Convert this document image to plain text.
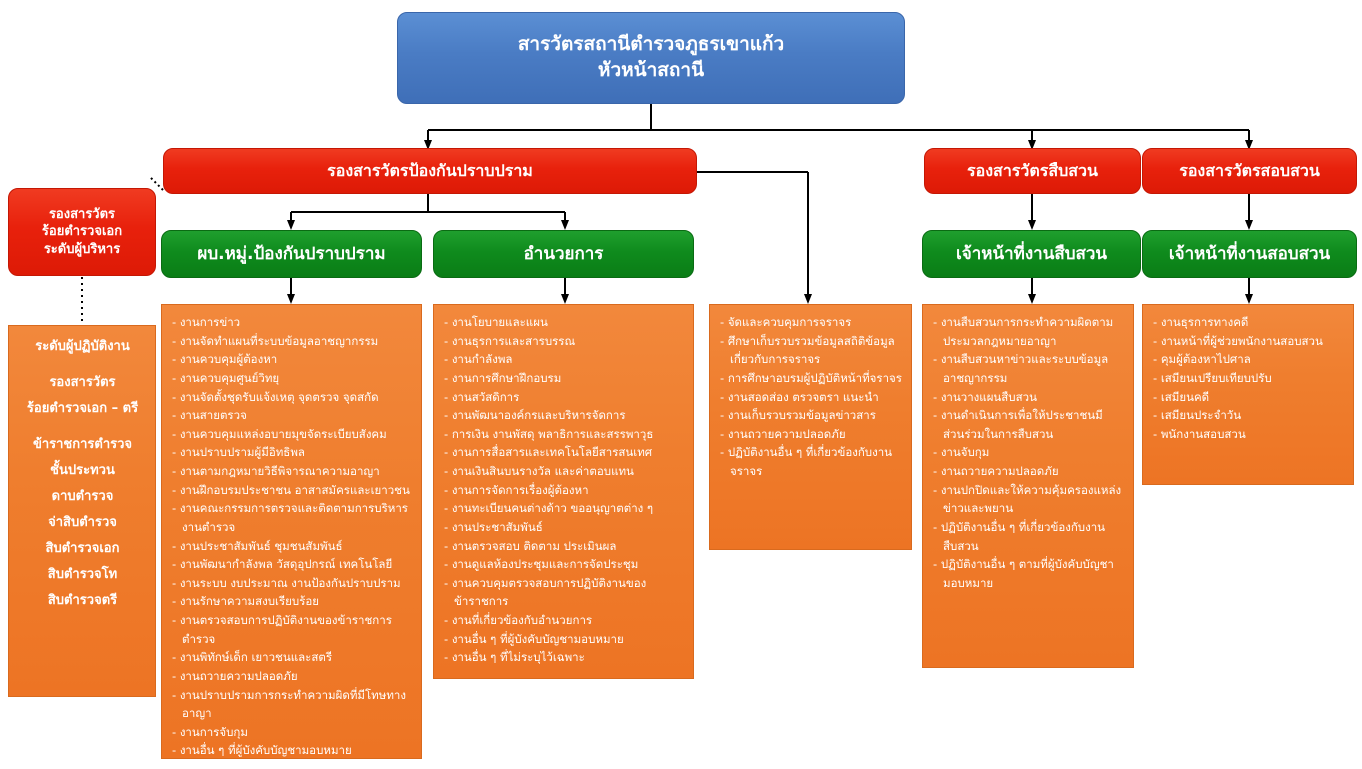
สารวัตรสถานีตำรวจภูธรเขาแก้ว
หัวหน้าสถานี
รองสารวัตรป้องกันปราบปราม	รองสารวัตรสืบสวน	รองสารวัตรสอบสวน
รองสารวัตร
ร้อยตำรวจเอก
ระดับผู้บริหาร	ผบ.หมู่.ป้องกันปราบปราม	อำนวยการ	เจ้าหน้าที่งานสืบสวน	เจ้าหน้าที่งานสอบสวน
ระดับผู้ปฏิบัติงาน
รองสารวัตร
ร้อยตำรวจเอก – ตรี
ข้าราชการตำรวจ
ชั้นประทวน
ดาบตำรวจ
จ่าสิบตำรวจ
สิบตำรวจเอก
สิบตำรวจโท
สิบตำรวจตรี
- งานการข่าว
- งานจัดทำแผนที่ระบบข้อมูลอาชญากรรม
- งานควบคุมผู้ต้องหา
- งานควบคุมศูนย์วิทยุ
- งานจัดตั้งชุดรับแจ้งเหตุ จุดตรวจ จุดสกัด
- งานสายตรวจ
- งานควบคุมแหล่งอบายมุขจัดระเบียบสังคม
- งานปราบปรามผู้มีอิทธิพล
- งานตามกฎหมายวิธีพิจารณาความอาญา
- งานฝึกอบรมประชาชน อาสาสมัครและเยาวชน
- งานคณะกรรมการตรวจและติดตามการบริหารงานตำรวจ
- งานประชาสัมพันธ์ ชุมชนสัมพันธ์
- งานพัฒนากำลังพล วัสดุอุปกรณ์ เทคโนโลยี
- งานระบบ งบประมาณ งานป้องกันปราบปราม
- งานรักษาความสงบเรียบร้อย
- งานตรวจสอบการปฏิบัติงานของข้าราชการตำรวจ
- งานพิทักษ์เด็ก เยาวชนและสตรี
- งานถวายความปลอดภัย
- งานปราบปรามการกระทำความผิดที่มีโทษทางอาญา
- งานการจับกุม
- งานอื่น ๆ ที่ผู้บังคับบัญชามอบหมาย
- งานโยบายและแผน
- งานธุรการและสารบรรณ
- งานกำลังพล
- งานการศึกษาฝึกอบรม
- งานสวัสดิการ
- งานพัฒนาองค์กรและบริหารจัดการ
- การเงิน งานพัสดุ พลาธิการและสรรพาวุธ
- งานการสื่อสารและเทคโนโลยีสารสนเทศ
- งานเงินสินบนรางวัล และค่าตอบแทน
- งานการจัดการเรื่องผู้ต้องหา
- งานทะเบียนคนต่างด้าว ขออนุญาตต่าง ๆ
- งานประชาสัมพันธ์
- งานตรวจสอบ ติดตาม ประเมินผล
- งานดูแลห้องประชุมและการจัดประชุม
- งานควบคุมตรวจสอบการปฏิบัติงานของข้าราชการ
- งานที่เกี่ยวข้องกับอำนวยการ
- งานอื่น ๆ ที่ผู้บังคับบัญชามอบหมาย
- งานอื่น ๆ ที่ไม่ระบุไว้เฉพาะ
- จัดและควบคุมการจราจร
- ศึกษาเก็บรวบรวมข้อมูลสถิติข้อมูลเกี่ยวกับการจราจร
- การศึกษาอบรมผู้ปฏิบัติหน้าที่จราจร
- งานสอดส่อง ตรวจตรา แนะนำ
- งานเก็บรวบรวมข้อมูลข่าวสาร
- งานถวายความปลอดภัย
- ปฏิบัติงานอื่น ๆ ที่เกี่ยวข้องกับงานจราจร
- งานสืบสวนการกระทำความผิดตามประมวลกฎหมายอาญา
- งานสืบสวนหาข่าวและระบบข้อมูลอาชญากรรม
- งานวางแผนสืบสวน
- งานดำเนินการเพื่อให้ประชาชนมีส่วนร่วมในการสืบสวน
- งานจับกุม
- งานถวายความปลอดภัย
- งานปกปิดและให้ความคุ้มครองแหล่งข่าวและพยาน
- ปฏิบัติงานอื่น ๆ ที่เกี่ยวข้องกับงานสืบสวน
- ปฏิบัติงานอื่น ๆ ตามที่ผู้บังคับบัญชามอบหมาย
- งานธุรการทางคดี
- งานหน้าที่ผู้ช่วยพนักงานสอบสวน
- คุมผู้ต้องหาไปศาล
- เสมียนเปรียบเทียบปรับ
- เสมียนคดี
- เสมียนประจำวัน
- พนักงานสอบสวน
